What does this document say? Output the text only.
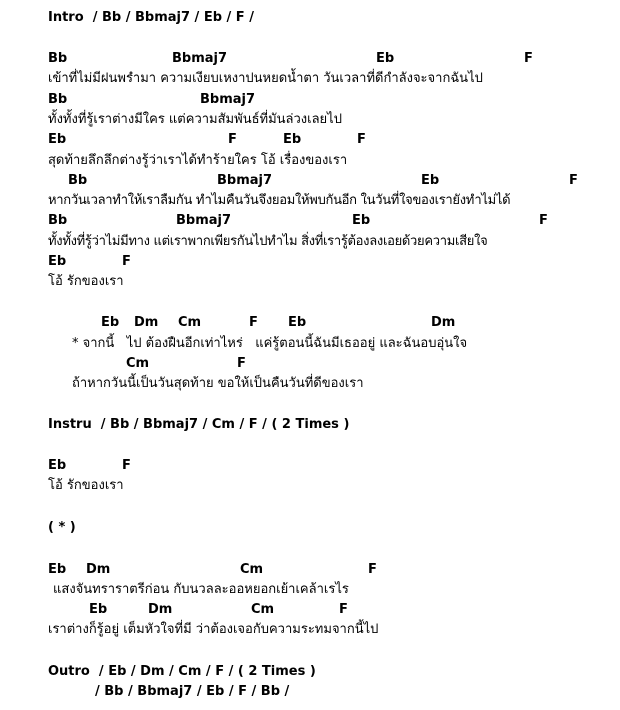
Intro  / Bb / Bbmaj7 / Eb / F /
Bb	Bbmaj7	Eb	F
เข้าที่ไม่มีฝนพรำมา ความเงียบเหงาปนหยดน้ำตา วันเวลาที่ดีกำลังจะจากฉันไป
Bb	Bbmaj7
ทั้งทั้งที่รู้เราต่างมีใคร แต่ความสัมพันธ์ที่มันล่วงเลยไป
Eb	F	Eb	F
สุดท้ายลึกลึกต่างรู้ว่าเราได้ทำร้ายใคร โอ้ เรื่องของเรา
Bb	Bbmaj7	Eb	F
หากวันเวลาทำให้เราลืมกัน ทำไมคืนวันจึงยอมให้พบกันอีก ในวันที่ใจของเรายังทำไม่ได้
Bb	Bbmaj7	Eb	F
ทั้งทั้งที่รู้ว่าไม่มีทาง แต่เราพากเพียรกันไปทำไม สิ่งที่เรารู้ต้องลงเอยด้วยความเสียใจ
Eb	F
โอ้ รักของเรา
Eb Dm Cm	F Eb	Dm
* จากนี้   ไป ต้องฝืนอีกเท่าไหร่   แค่รู้ตอนนี้ฉันมีเธออยู่ และฉันอบอุ่นใจ
Cm	F
ถ้าหากวันนี้เป็นวันสุดท้าย ขอให้เป็นคืนวันที่ดีของเรา
Instru  / Bb / Bbmaj7 / Cm / F / ( 2 Times )
Eb	F
โอ้ รักของเรา
( * )
Eb Dm	Cm	F
แสงจันทราราตรีก่อน กับนวลละออหยอกเย้าเคล้าเรไร
Eb	Dm	Cm	F
เราต่างก็รู้อยู่ เต็มหัวใจที่มี ว่าต้องเจอกับความระทมจากนี้ไป
Outro  / Eb / Dm / Cm / F / ( 2 Times )
/ Bb / Bbmaj7 / Eb / F / Bb /
